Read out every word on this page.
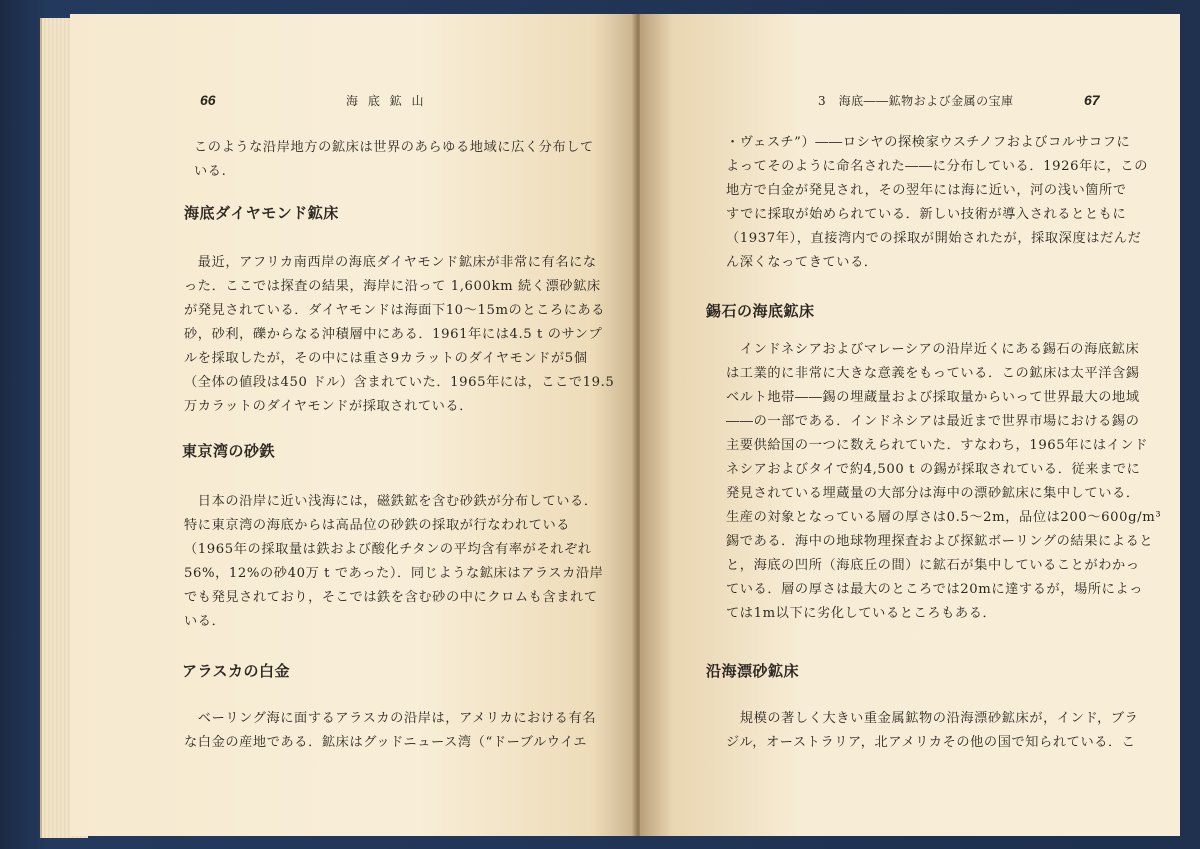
66	海 底 鉱 山
このような沿岸地方の鉱床は世界のあらゆる地域に広く分布して
いる.
海底ダイヤモンド鉱床
　最近，アフリカ南西岸の海底ダイヤモンド鉱床が非常に有名にな
った．ここでは探査の結果，海岸に沿って 1,600km 続く漂砂鉱床
が発見されている．ダイヤモンドは海面下10～15mのところにある
砂，砂利，礫からなる沖積層中にある．1961年には4.5 t のサンプ
ルを採取したが，その中には重さ9カラットのダイヤモンドが5個
（全体の値段は450 ドル）含まれていた．1965年には，ここで19.5
万カラットのダイヤモンドが採取されている．
東京湾の砂鉄
　日本の沿岸に近い浅海には，磁鉄鉱を含む砂鉄が分布している．
特に東京湾の海底からは高品位の砂鉄の採取が行なわれている
（1965年の採取量は鉄および酸化チタンの平均含有率がそれぞれ
56%，12%の砂40万 t であった）．同じような鉱床はアラスカ沿岸
でも発見されており，そこでは鉄を含む砂の中にクロムも含まれて
いる．
アラスカの白金
　ベーリング海に面するアラスカの沿岸は，アメリカにおける有名
な白金の産地である．鉱床はグッドニュース湾（“ドーブルウイエ
3　海底――鉱物および金属の宝庫	67
・ヴェスチ”）――ロシヤの探検家ウスチノフおよびコルサコフに
よってそのように命名された――に分布している．1926年に，この
地方で白金が発見され，その翌年には海に近い，河の浅い箇所で
すでに採取が始められている．新しい技術が導入されるとともに
（1937年），直接湾内での採取が開始されたが，採取深度はだんだ
ん深くなってきている．
錫石の海底鉱床
　インドネシアおよびマレーシアの沿岸近くにある錫石の海底鉱床
は工業的に非常に大きな意義をもっている．この鉱床は太平洋含錫
ベルト地帯――錫の埋蔵量および採取量からいって世界最大の地域
――の一部である．インドネシアは最近まで世界市場における錫の
主要供給国の一つに数えられていた．すなわち，1965年にはインド
ネシアおよびタイで約4,500 t の錫が採取されている．従来までに
発見されている埋蔵量の大部分は海中の漂砂鉱床に集中している．
生産の対象となっている層の厚さは0.5～2m，品位は200～600g/m³
錫である．海中の地球物理探査および探鉱ボーリングの結果によると
と，海底の凹所（海底丘の間）に鉱石が集中していることがわかっ
ている．層の厚さは最大のところでは20mに達するが，場所によっ
ては1m以下に劣化しているところもある．
沿海漂砂鉱床
　規模の著しく大きい重金属鉱物の沿海漂砂鉱床が，インド，ブラ
ジル，オーストラリア，北アメリカその他の国で知られている．こ
